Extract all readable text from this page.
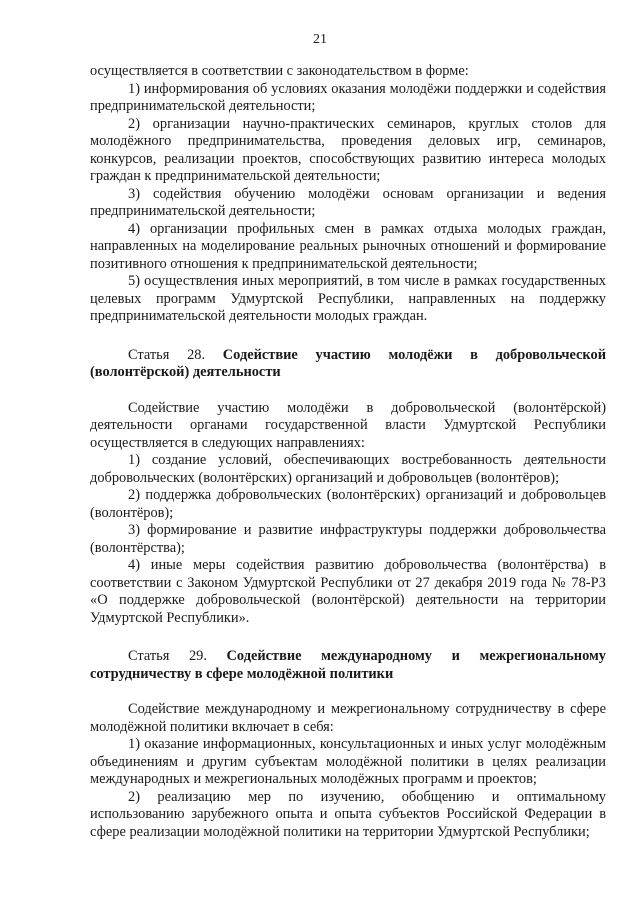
21

осуществляется в соответствии с законодательством в форме:

1) информирования об условиях оказания молодёжи поддержки и содействия предпринимательской деятельности;

2) организации научно-практических семинаров, круглых столов для молодёжного предпринимательства, проведения деловых игр, семинаров, конкурсов, реализации проектов, способствующих развитию интереса молодых граждан к предпринимательской деятельности;

3) содействия обучению молодёжи основам организации и ведения предпринимательской деятельности;

4) организации профильных смен в рамках отдыха молодых граждан, направленных на моделирование реальных рыночных отношений и формирование позитивного отношения к предпринимательской деятельности;

5) осуществления иных мероприятий, в том числе в рамках государственных целевых программ Удмуртской Республики, направленных на поддержку предпринимательской деятельности молодых граждан.

Статья 28. Содействие участию молодёжи в добровольческой (волонтёрской) деятельности

Содействие участию молодёжи в добровольческой (волонтёрской) деятельности органами государственной власти Удмуртской Республики осуществляется в следующих направлениях:

1) создание условий, обеспечивающих востребованность деятельности добровольческих (волонтёрских) организаций и добровольцев (волонтёров);

2) поддержка добровольческих (волонтёрских) организаций и добровольцев (волонтёров);

3) формирование и развитие инфраструктуры поддержки добровольчества (волонтёрства);

4) иные меры содействия развитию добровольчества (волонтёрства) в соответствии с Законом Удмуртской Республики от 27 декабря 2019 года № 78-РЗ «О поддержке добровольческой (волонтёрской) деятельности на территории Удмуртской Республики».

Статья 29. Содействие международному и межрегиональному сотрудничеству в сфере молодёжной политики

Содействие международному и межрегиональному сотрудничеству в сфере молодёжной политики включает в себя:

1) оказание информационных, консультационных и иных услуг молодёжным объединениям и другим субъектам молодёжной политики в целях реализации международных и межрегиональных молодёжных программ и проектов;

2) реализацию мер по изучению, обобщению и оптимальному использованию зарубежного опыта и опыта субъектов Российской Федерации в сфере реализации молодёжной политики на территории Удмуртской Республики;
